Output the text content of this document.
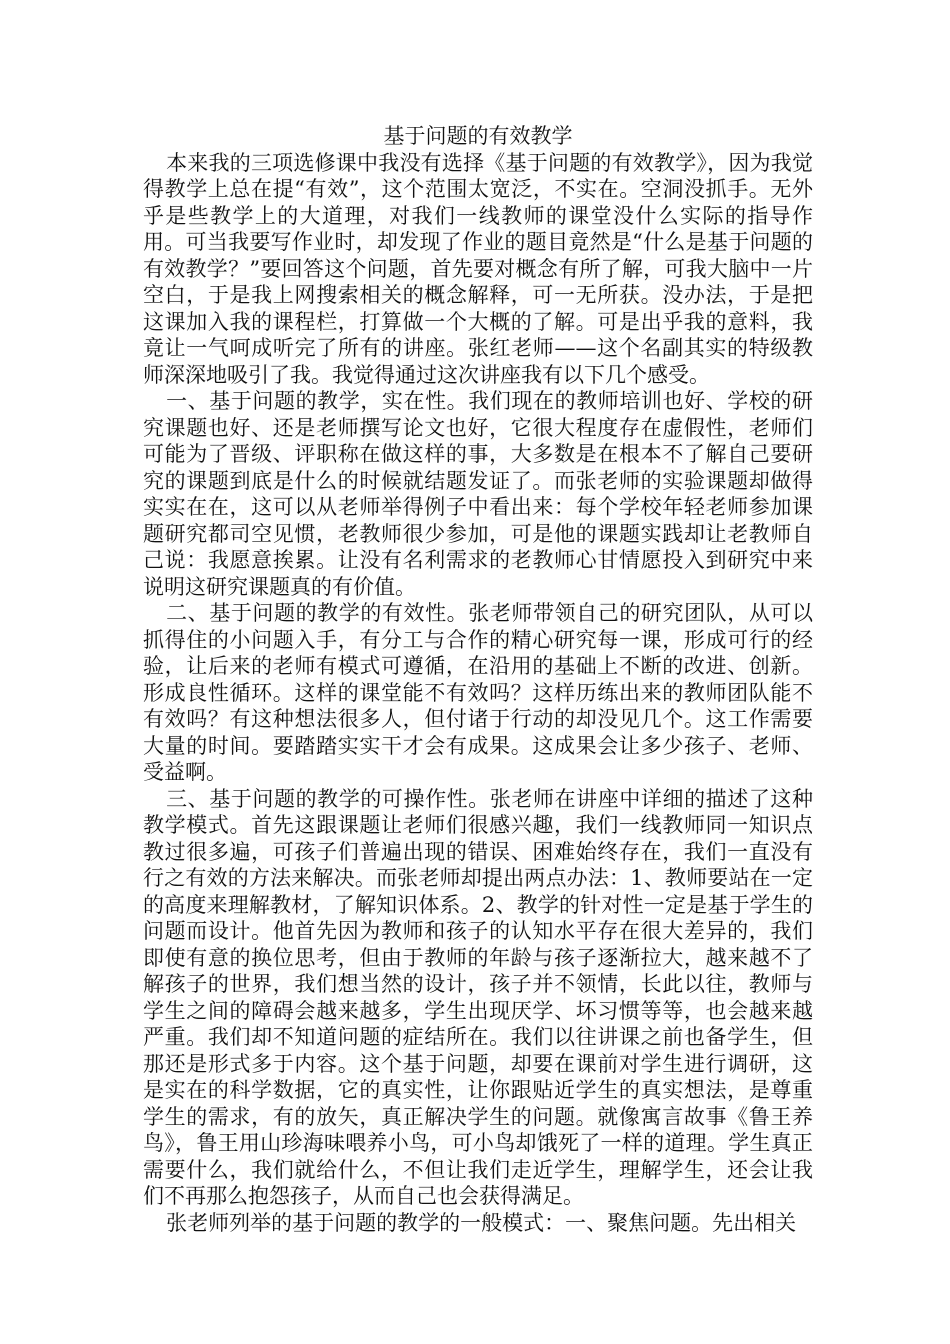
基于问题的有效教学

本来我的三项选修课中我没有选择《基于问题的有效教学》，因为我觉得教学上总在提“有效”，这个范围太宽泛，不实在。空洞没抓手。无外乎是些教学上的大道理，对我们一线教师的课堂没什么实际的指导作用。可当我要写作业时，却发现了作业的题目竟然是“什么是基于问题的有效教学？”要回答这个问题，首先要对概念有所了解，可我大脑中一片空白，于是我上网搜索相关的概念解释，可一无所获。没办法，于是把这课加入我的课程栏，打算做一个大概的了解。可是出乎我的意料，我竟让一气呵成听完了所有的讲座。张红老师——这个名副其实的特级教师深深地吸引了我。我觉得通过这次讲座我有以下几个感受。

一、基于问题的教学，实在性。我们现在的教师培训也好、学校的研究课题也好、还是老师撰写论文也好，它很大程度存在虚假性，老师们可能为了晋级、评职称在做这样的事，大多数是在根本不了解自己要研究的课题到底是什么的时候就结题发证了。而张老师的实验课题却做得实实在在，这可以从老师举得例子中看出来：每个学校年轻老师参加课题研究都司空见惯，老教师很少参加，可是他的课题实践却让老教师自己说：我愿意挨累。让没有名利需求的老教师心甘情愿投入到研究中来说明这研究课题真的有价值。

二、基于问题的教学的有效性。张老师带领自己的研究团队，从可以抓得住的小问题入手，有分工与合作的精心研究每一课，形成可行的经验，让后来的老师有模式可遵循，在沿用的基础上不断的改进、创新。形成良性循环。这样的课堂能不有效吗？这样历练出来的教师团队能不有效吗？有这种想法很多人，但付诸于行动的却没见几个。这工作需要大量的时间。要踏踏实实干才会有成果。这成果会让多少孩子、老师、受益啊。

三、基于问题的教学的可操作性。张老师在讲座中详细的描述了这种教学模式。首先这跟课题让老师们很感兴趣，我们一线教师同一知识点教过很多遍，可孩子们普遍出现的错误、困难始终存在，我们一直没有行之有效的方法来解决。而张老师却提出两点办法：1、教师要站在一定的高度来理解教材，了解知识体系。2、教学的针对性一定是基于学生的问题而设计。他首先因为教师和孩子的认知水平存在很大差异的，我们即使有意的换位思考，但由于教师的年龄与孩子逐渐拉大，越来越不了解孩子的世界，我们想当然的设计，孩子并不领情，长此以往，教师与学生之间的障碍会越来越多，学生出现厌学、坏习惯等等，也会越来越严重。我们却不知道问题的症结所在。我们以往讲课之前也备学生，但那还是形式多于内容。这个基于问题，却要在课前对学生进行调研，这是实在的科学数据，它的真实性，让你跟贴近学生的真实想法，是尊重学生的需求，有的放矢，真正解决学生的问题。就像寓言故事《鲁王养鸟》，鲁王用山珍海味喂养小鸟，可小鸟却饿死了一样的道理。学生真正需要什么，我们就给什么，不但让我们走近学生，理解学生，还会让我们不再那么抱怨孩子，从而自己也会获得满足。

张老师列举的基于问题的教学的一般模式：一、聚焦问题。先出相关
